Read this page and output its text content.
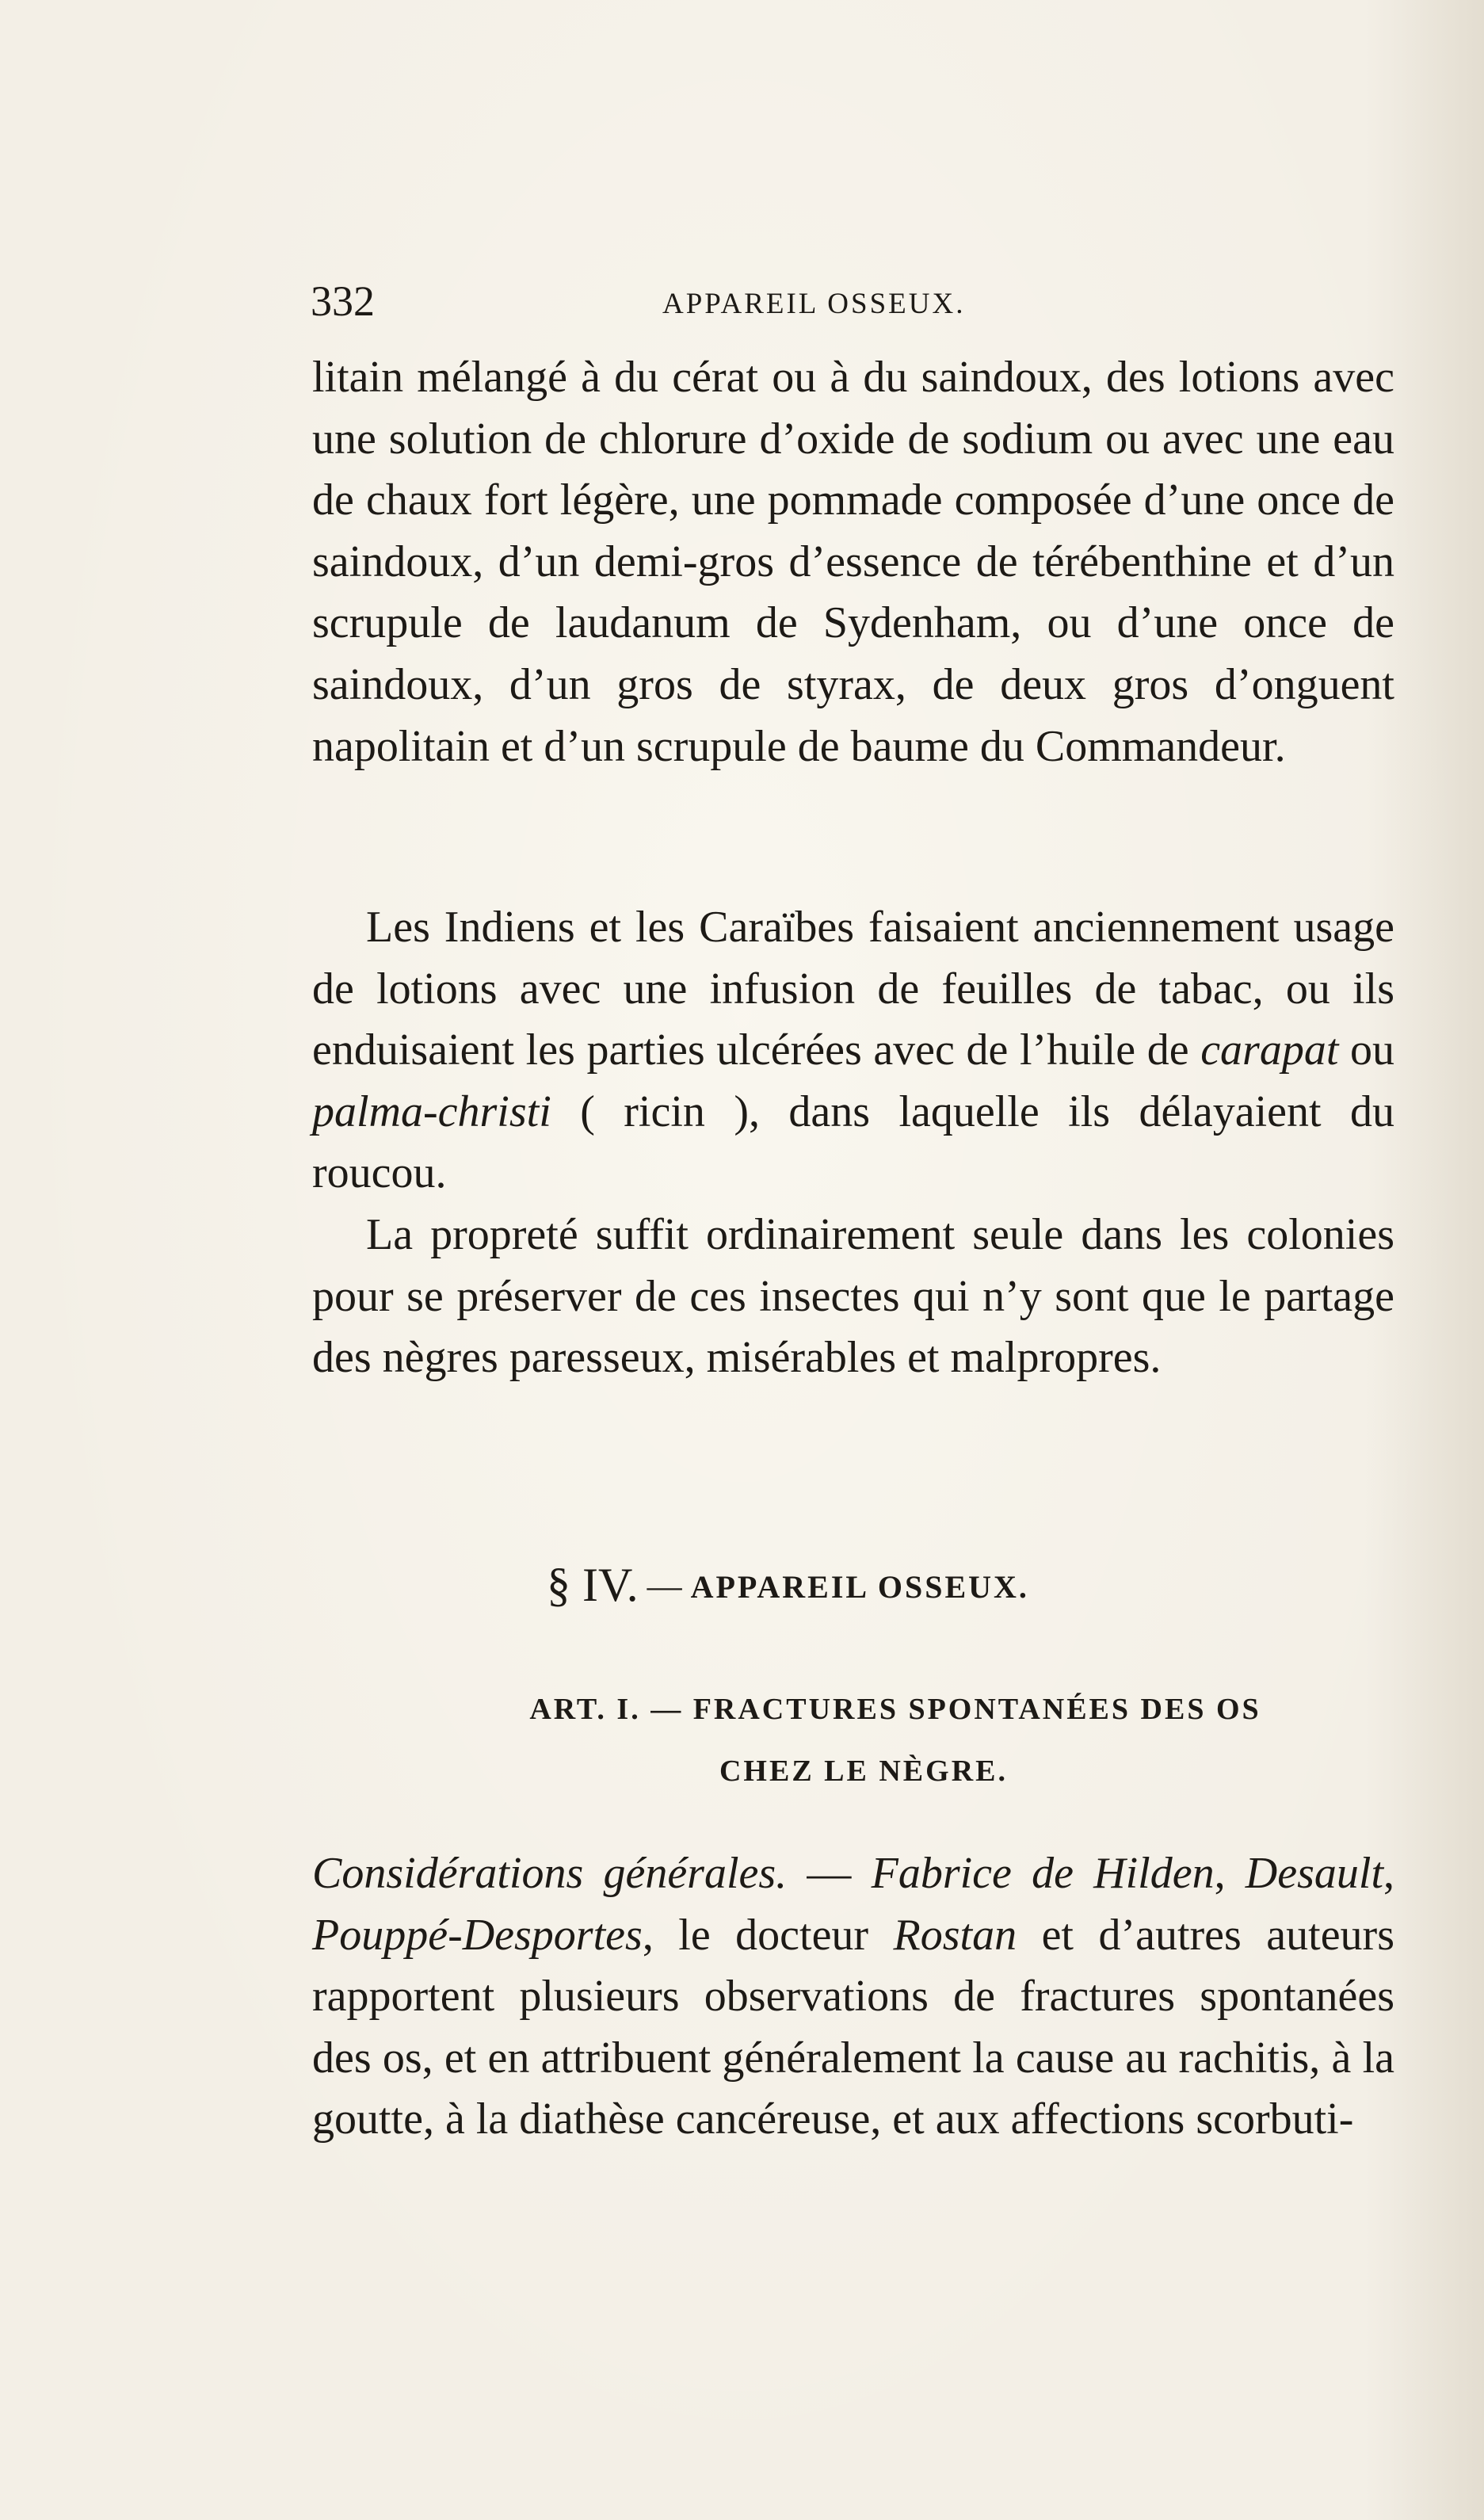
332	APPAREIL OSSEUX.

litain mélangé à du cérat ou à du saindoux, des lotions avec une solution de chlorure d’oxide de sodium ou avec une eau de chaux fort légère, une pommade composée d’une once de saindoux, d’un demi-gros d’essence de térébenthine et d’un scrupule de laudanum de Sydenham, ou d’une once de saindoux, d’un gros de styrax, de deux gros d’onguent napolitain et d’un scrupule de baume du Commandeur.

Les Indiens et les Caraïbes faisaient anciennement usage de lotions avec une infusion de feuilles de tabac, ou ils enduisaient les parties ulcérées avec de l’huile de carapat ou palma-christi ( ricin ), dans laquelle ils délayaient du roucou.

La propreté suffit ordinairement seule dans les colonies pour se préserver de ces insectes qui n’y sont que le partage des nègres paresseux, misérables et malpropres.

§ IV. — APPAREIL OSSEUX.
ART. I. — FRACTURES SPONTANÉES DES OS
CHEZ LE NÈGRE.

Considérations générales. — Fabrice de Hilden, Desault, Pouppé-Desportes, le docteur Rostan et d’autres auteurs rapportent plusieurs observations de fractures spontanées des os, et en attribuent généralement la cause au rachitis, à la goutte, à la diathèse cancéreuse, et aux affections scorbuti-
